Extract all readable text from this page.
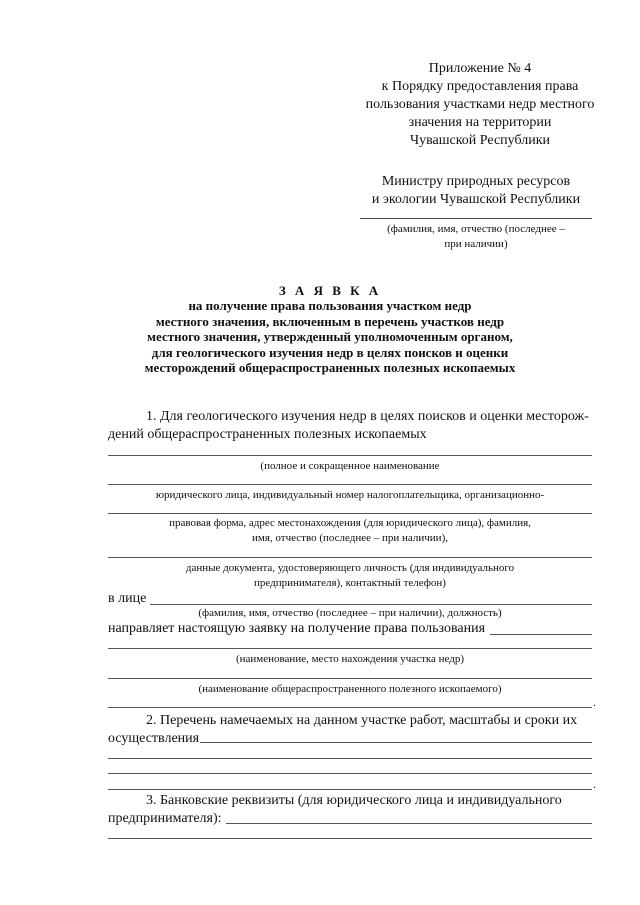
Приложение № 4
к Порядку предоставления права
пользования участками недр местного
значения на территории
Чувашской Республики
Министру природных ресурсов
и экологии Чувашской Республики
(фамилия, имя, отчество (последнее –
при наличии)
З А Я В К А
на получение права пользования участком недр
местного значения, включенным в перечень участков недр
местного значения, утвержденный уполномоченным органом,
для геологического изучения недр в целях поисков и оценки
месторождений общераспространенных полезных ископаемых
1. Для геологического изучения недр в целях поисков и оценки месторож-
дений общераспространенных полезных ископаемых
(полное и сокращенное наименование
юридического лица, индивидуальный номер налогоплательщика, организационно-
правовая форма, адрес местонахождения (для юридического лица), фамилия,
имя, отчество (последнее – при наличии),
данные документа, удостоверяющего личность (для индивидуального
предпринимателя), контактный телефон)
в лице
(фамилия, имя, отчество (последнее – при наличии), должность)
направляет настоящую заявку на получение права пользования
(наименование, место нахождения участка недр)
(наименование общераспространенного полезного ископаемого)
.
2. Перечень намечаемых на данном участке работ, масштабы и сроки их
осуществления
.
3. Банковские реквизиты (для юридического лица и индивидуального
предпринимателя):
